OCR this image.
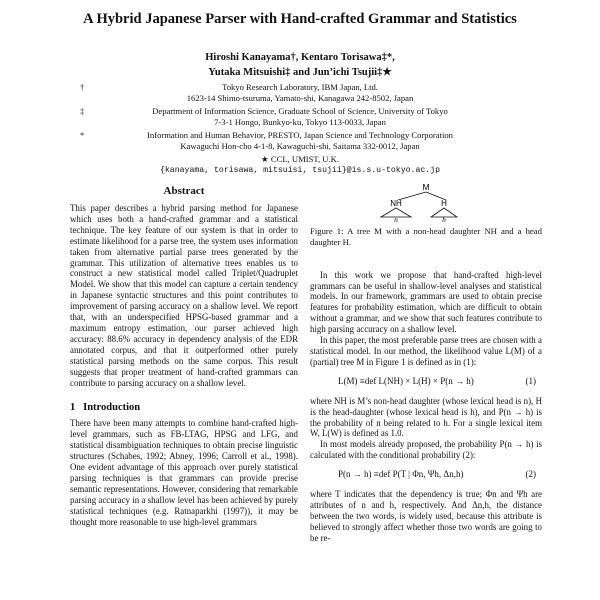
A Hybrid Japanese Parser with Hand-crafted Grammar and Statistics
Hiroshi Kanayama†, Kentaro Torisawa‡*,
Yutaka Mitsuishi‡ and Jun’ichi Tsujii‡★
†	Tokyo Research Laboratory, IBM Japan, Ltd.
1623-14 Shimo-tsuruma, Yamato-shi, Kanagawa 242-8502, Japan
‡	Department of Information Science, Graduate School of Science, University of Tokyo
7-3-1 Hongo, Bunkyo-ku, Tokyo 113-0033, Japan
*	Information and Human Behavior, PRESTO, Japan Science and Technology Corporation
Kawaguchi Hon-cho 4-1-8, Kawaguchi-shi, Saitama 332-0012, Japan
★ CCL, UMIST, U.K.
{kanayama, torisawa, mitsuisi, tsujii}@is.s.u-tokyo.ac.jp
Abstract

This paper describes a hybrid parsing method for Japanese which uses both a hand-crafted grammar and a statistical technique. The key feature of our system is that in order to estimate likelihood for a parse tree, the system uses information taken from alternative partial parse trees generated by the grammar. This utilization of alternative trees enables us to construct a new statistical model called Triplet/Quadruplet Model. We show that this model can capture a certain tendency in Japanese syntactic structures and this point contributes to improvement of parsing accuracy on a shallow level. We report that, with an underspecified HPSG-based grammar and a maximum entropy estimation, our parser achieved high accuracy: 88.6% accuracy in dependency analysis of the EDR annotated corpus, and that it outperformed other purely statistical parsing methods on the same corpus. This result suggests that proper treatment of hand-crafted grammars can contribute to parsing accuracy on a shallow level.

1 Introduction

There have been many attempts to combine hand-crafted high-level grammars, such as FB-LTAG, HPSG and LFG, and statistical disambiguation techniques to obtain precise linguistic structures (Schabes, 1992; Abney, 1996; Carroll et al., 1998). One evident advantage of this approach over purely statistical parsing techniques is that grammars can provide precise semantic representations. However, considering that remarkable parsing accuracy in a shallow level has been achieved by purely statistical techniques (e.g. Ratnaparkhi (1997)), it may be thought more reasonable to use high-level grammars

M
NH	H
n	h

Figure 1: A tree M with a non-head daughter NH and a head daughter H.

In this work we propose that hand-crafted high-level grammars can be useful in shallow-level analyses and statistical models. In our framework, grammars are used to obtain precise features for probability estimation, which are difficult to obtain without a grammar, and we show that such features contribute to high parsing accuracy on a shallow level.

In this paper, the most preferable parse trees are chosen with a statistical model. In our method, the likelihood value L(M) of a (partial) tree M in Figure 1 is defined as in (1):

L(M) ≡def L(NH) × L(H) × P(n → h)	(1)

where NH is M’s non-head daughter (whose lexical head is n), H is the head-daughter (whose lexical head is h), and P(n → h) is the probability of n being related to h. For a single lexical item W, L(W) is defined as 1.0.

In most models already proposed, the probability P(n → h) is calculated with the conditional probability (2):

P(n → h) ≡def P(T | Φn, Ψh, Δn,h)	(2)

where T indicates that the dependency is true; Φn and Ψh are attributes of n and h, respectively. And Δn,h, the distance between the two words, is widely used, because this attribute is believed to strongly affect whether those two words are going to be re-
